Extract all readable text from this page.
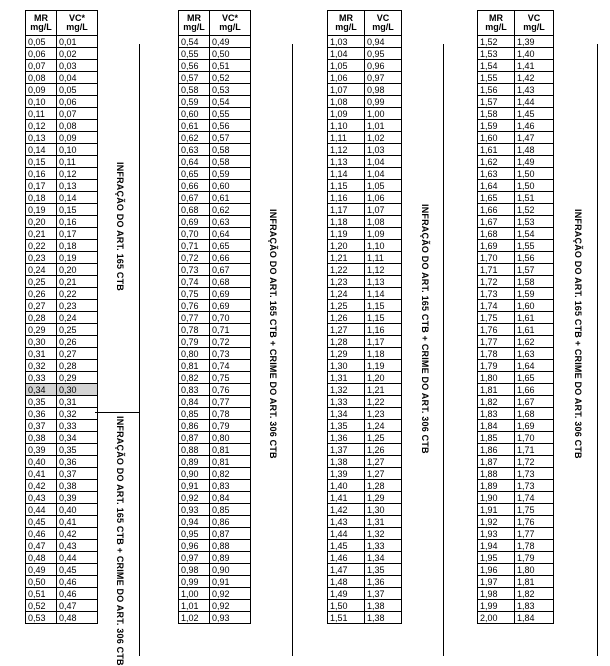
MR
mg/L	VC*
mg/L
0,05	0,01
0,06	0,02
0,07	0,03
0,08	0,04
0,09	0,05
0,10	0,06
0,11	0,07
0,12	0,08
0,13	0,09
0,14	0,10
0,15	0,11
0,16	0,12
0,17	0,13
0,18	0,14
0,19	0,15
0,20	0,16
0,21	0,17
0,22	0,18
0,23	0,19
0,24	0,20
0,25	0,21
0,26	0,22
0,27	0,23
0,28	0,24
0,29	0,25
0,30	0,26
0,31	0,27
0,32	0,28
0,33	0,29
0,34	0,30
0,35	0,31
0,36	0,32
0,37	0,33
0,38	0,34
0,39	0,35
0,40	0,36
0,41	0,37
0,42	0,38
0,43	0,39
0,44	0,40
0,45	0,41
0,46	0,42
0,47	0,43
0,48	0,44
0,49	0,45
0,50	0,46
0,51	0,46
0,52	0,47
0,53	0,48
INFRAÇÃO DO ART. 165 CTB
INFRAÇÃO DO ART. 165 CTB + CRIME DO ART. 306 CTB
MR
mg/L	VC*
mg/L
0,54	0,49
0,55	0,50
0,56	0,51
0,57	0,52
0,58	0,53
0,59	0,54
0,60	0,55
0,61	0,56
0,62	0,57
0,63	0,58
0,64	0,58
0,65	0,59
0,66	0,60
0,67	0,61
0,68	0,62
0,69	0,63
0,70	0,64
0,71	0,65
0,72	0,66
0,73	0,67
0,74	0,68
0,75	0,69
0,76	0,69
0,77	0,70
0,78	0,71
0,79	0,72
0,80	0,73
0,81	0,74
0,82	0,75
0,83	0,76
0,84	0,77
0,85	0,78
0,86	0,79
0,87	0,80
0,88	0,81
0,89	0,81
0,90	0,82
0,91	0,83
0,92	0,84
0,93	0,85
0,94	0,86
0,95	0,87
0,96	0,88
0,97	0,89
0,98	0,90
0,99	0,91
1,00	0,92
1,01	0,92
1,02	0,93
INFRAÇÃO DO ART. 165 CTB + CRIME DO ART. 306 CTB
MR
mg/L	VC
mg/L
1,03	0,94
1,04	0,95
1,05	0,96
1,06	0,97
1,07	0,98
1,08	0,99
1,09	1,00
1,10	1,01
1,11	1,02
1,12	1,03
1,13	1,04
1,14	1,04
1,15	1,05
1,16	1,06
1,17	1,07
1,18	1,08
1,19	1,09
1,20	1,10
1,21	1,11
1,22	1,12
1,23	1,13
1,24	1,14
1,25	1,15
1,26	1,15
1,27	1,16
1,28	1,17
1,29	1,18
1,30	1,19
1,31	1,20
1,32	1,21
1,33	1,22
1,34	1,23
1,35	1,24
1,36	1,25
1,37	1,26
1,38	1,27
1,39	1,27
1,40	1,28
1,41	1,29
1,42	1,30
1,43	1,31
1,44	1,32
1,45	1,33
1,46	1,34
1,47	1,35
1,48	1,36
1,49	1,37
1,50	1,38
1,51	1,38
INFRAÇÃO DO ART. 165 CTB + CRIME DO ART. 306 CTB
MR
mg/L	VC
mg/L
1,52	1,39
1,53	1,40
1,54	1,41
1,55	1,42
1,56	1,43
1,57	1,44
1,58	1,45
1,59	1,46
1,60	1,47
1,61	1,48
1,62	1,49
1,63	1,50
1,64	1,50
1,65	1,51
1,66	1,52
1,67	1,53
1,68	1,54
1,69	1,55
1,70	1,56
1,71	1,57
1,72	1,58
1,73	1,59
1,74	1,60
1,75	1,61
1,76	1,61
1,77	1,62
1,78	1,63
1,79	1,64
1,80	1,65
1,81	1,66
1,82	1,67
1,83	1,68
1,84	1,69
1,85	1,70
1,86	1,71
1,87	1,72
1,88	1,73
1,89	1,73
1,90	1,74
1,91	1,75
1,92	1,76
1,93	1,77
1,94	1,78
1,95	1,79
1,96	1,80
1,97	1,81
1,98	1,82
1,99	1,83
2,00	1,84
INFRAÇÃO DO ART. 165 CTB + CRIME DO ART. 306 CTB
